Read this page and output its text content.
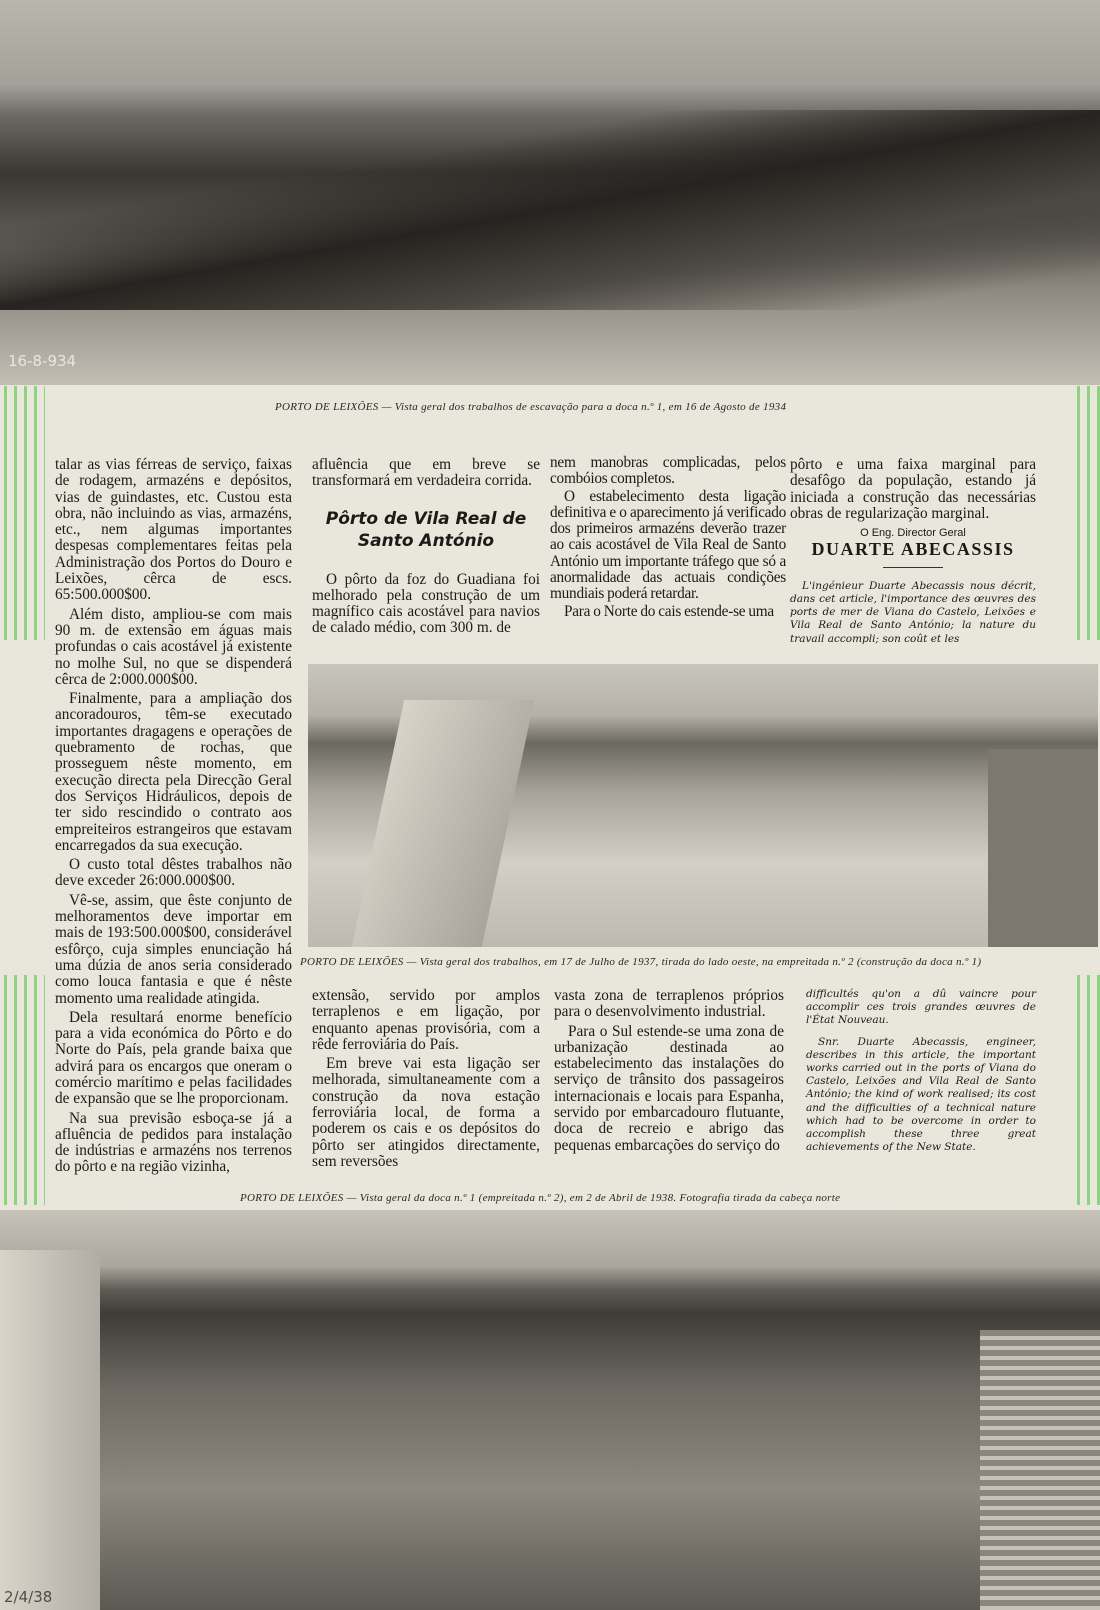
16-8-934
PORTO DE LEIXÕES — Vista geral dos trabalhos de escavação para a doca n.º 1, em 16 de Agosto de 1934

talar as vias férreas de serviço, faixas de rodagem, armazéns e depósitos, vias de guindastes, etc. Custou esta obra, não incluindo as vias, armazéns, etc., nem algumas importantes despesas complementares feitas pela Administração dos Portos do Douro e Leixões, cêrca de escs. 65:500.000$00.

Além disto, ampliou-se com mais 90 m. de extensão em águas mais profundas o cais acostável já existente no molhe Sul, no que se dispenderá cêrca de 2:000.000$00.

Finalmente, para a ampliação dos ancoradouros, têm-se executado importantes dragagens e operações de quebramento de rochas, que prosseguem nêste momento, em execução directa pela Direcção Geral dos Serviços Hidráulicos, depois de ter sido rescindido o contrato aos empreiteiros estrangeiros que estavam encarregados da sua execução.

O custo total dêstes trabalhos não deve exceder 26:000.000$00.

Vê-se, assim, que êste conjunto de melhoramentos deve importar em mais de 193:500.000$00, considerável esfôrço, cuja simples enunciação há uma dúzia de anos seria considerado como louca fantasia e que é nêste momento uma realidade atingida.

Dela resultará enorme benefício para a vida económica do Pôrto e do Norte do País, pela grande baixa que advirá para os encargos que oneram o comércio marítimo e pelas facilidades de expansão que se lhe proporcionam.

Na sua previsão esboça-se já a afluência de pedidos para instalação de indústrias e armazéns nos terrenos do pôrto e na região vizinha,

afluência que em breve se transformará em verdadeira corrida.

Pôrto de Vila Real de Santo António

O pôrto da foz do Guadiana foi melhorado pela construção de um magnífico cais acostável para navios de calado médio, com 300 m. de

nem manobras complicadas, pelos combóios completos.

O estabelecimento desta ligação definitiva e o aparecimento já verificado dos primeiros armazéns deverão trazer ao cais acostável de Vila Real de Santo António um importante tráfego que só a anormalidade das actuais condições mundiais poderá retardar.

Para o Norte do cais estende-se uma

pôrto e uma faixa marginal para desafôgo da população, estando já iniciada a construção das necessárias obras de regularização marginal.

O Eng. Director Geral
DUARTE ABECASSIS

L'ingénieur Duarte Abecassis nous décrit, dans cet article, l'importance des œuvres des ports de mer de Viana do Castelo, Leixões e Vila Real de Santo António; la nature du travail accompli; son coût et les

PORTO DE LEIXÕES — Vista geral dos trabalhos, em 17 de Julho de 1937, tirada do lado oeste, na empreitada n.º 2 (construção da doca n.º 1)

extensão, servido por amplos terraplenos e em ligação, por enquanto apenas provisória, com a rêde ferroviária do País.

Em breve vai esta ligação ser melhorada, simultaneamente com a construção da nova estação ferroviária local, de forma a poderem os cais e os depósitos do pôrto ser atingidos directamente, sem reversões

vasta zona de terraplenos próprios para o desenvolvimento industrial.

Para o Sul estende-se uma zona de urbanização destinada ao estabelecimento das instalações do serviço de trânsito dos passageiros internacionais e locais para Espanha, servido por embarcadouro flutuante, doca de recreio e abrigo das pequenas embarcações do serviço do

difficultés qu'on a dû vaincre pour accomplir ces trois grandes œuvres de l'État Nouveau.

Snr. Duarte Abecassis, engineer, describes in this article, the important works carried out in the ports of Viana do Castelo, Leixões and Vila Real de Santo António; the kind of work realised; its cost and the difficulties of a technical nature which had to be overcome in order to accomplish these three great achievements of the New State.

PORTO DE LEIXÕES — Vista geral da doca n.º 1 (empreitada n.º 2), em 2 de Abril de 1938. Fotografia tirada da cabeça norte
2/4/38
